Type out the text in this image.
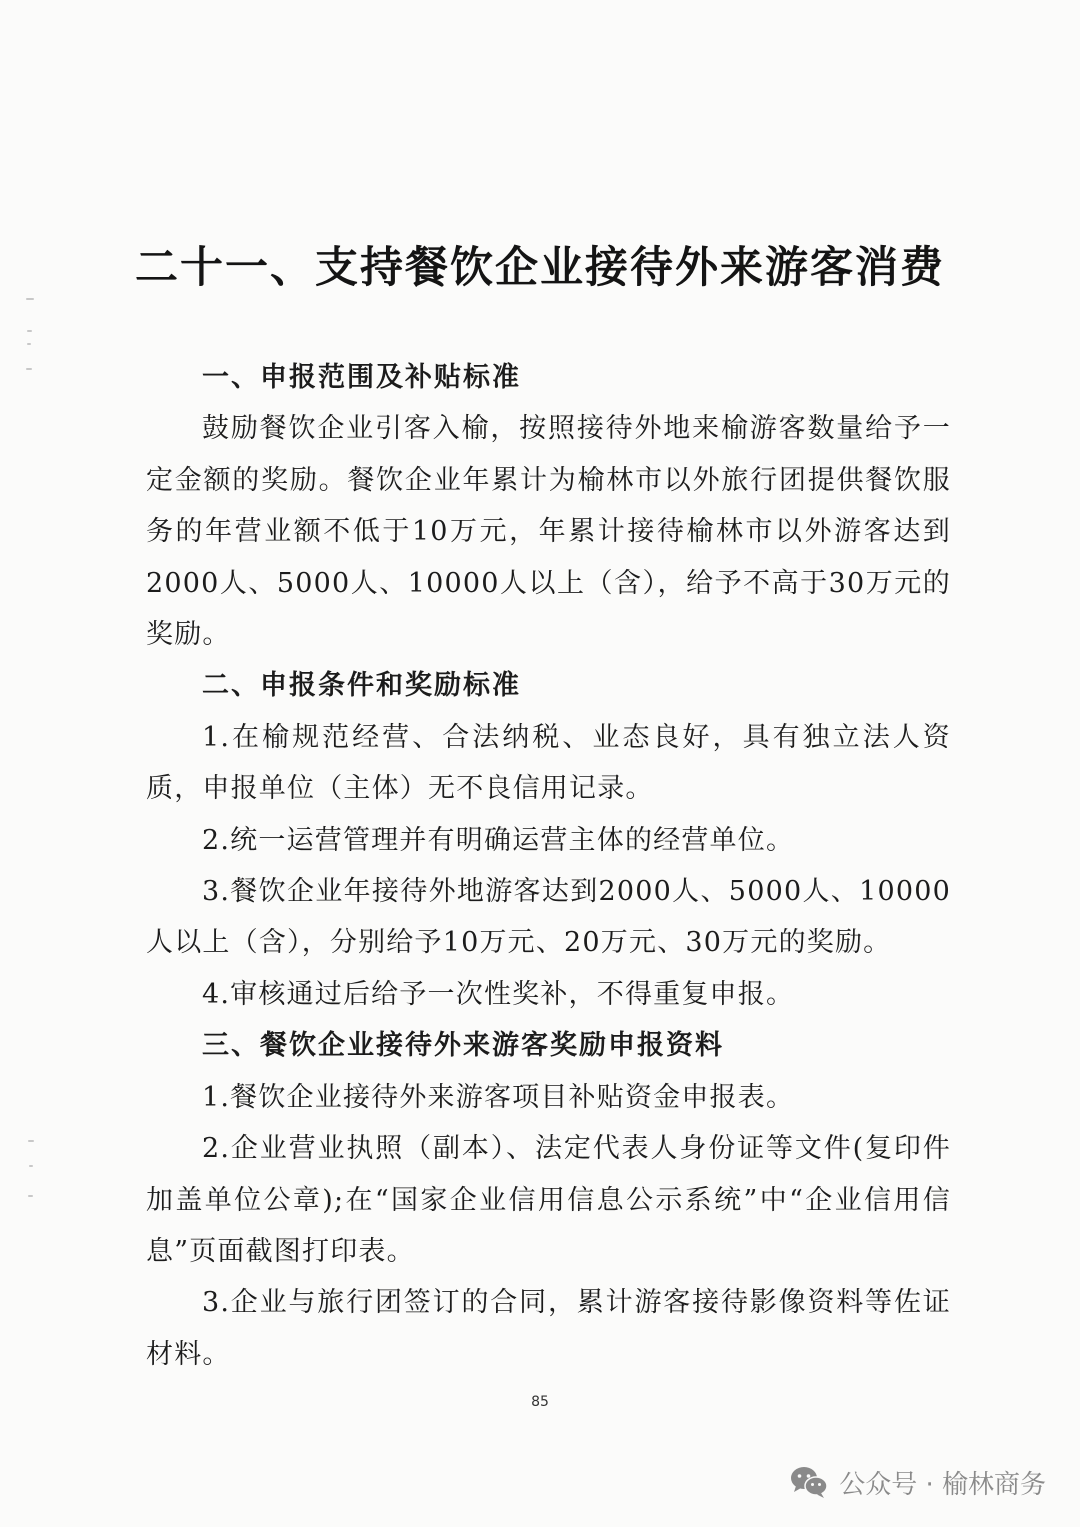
二十一、支持餐饮企业接待外来游客消费

一、申报范围及补贴标准

鼓励餐饮企业引客入榆，按照接待外地来榆游客数量给予一定金额的奖励。餐饮企业年累计为榆林市以外旅行团提供餐饮服务的年营业额不低于10万元，年累计接待榆林市以外游客达到2000人、5000人、10000人以上（含），给予不高于30万元的奖励。

二、申报条件和奖励标准

1.在榆规范经营、合法纳税、业态良好，具有独立法人资质，申报单位（主体）无不良信用记录。

2.统一运营管理并有明确运营主体的经营单位。

3.餐饮企业年接待外地游客达到2000人、5000人、10000人以上（含），分别给予10万元、20万元、30万元的奖励。

4.审核通过后给予一次性奖补，不得重复申报。

三、餐饮企业接待外来游客奖励申报资料

1.餐饮企业接待外来游客项目补贴资金申报表。

2.企业营业执照（副本）、法定代表人身份证等文件(复印件加盖单位公章);在“国家企业信用信息公示系统”中“企业信用信息”页面截图打印表。

3.企业与旅行团签订的合同，累计游客接待影像资料等佐证材料。

85
公众号 · 榆林商务
